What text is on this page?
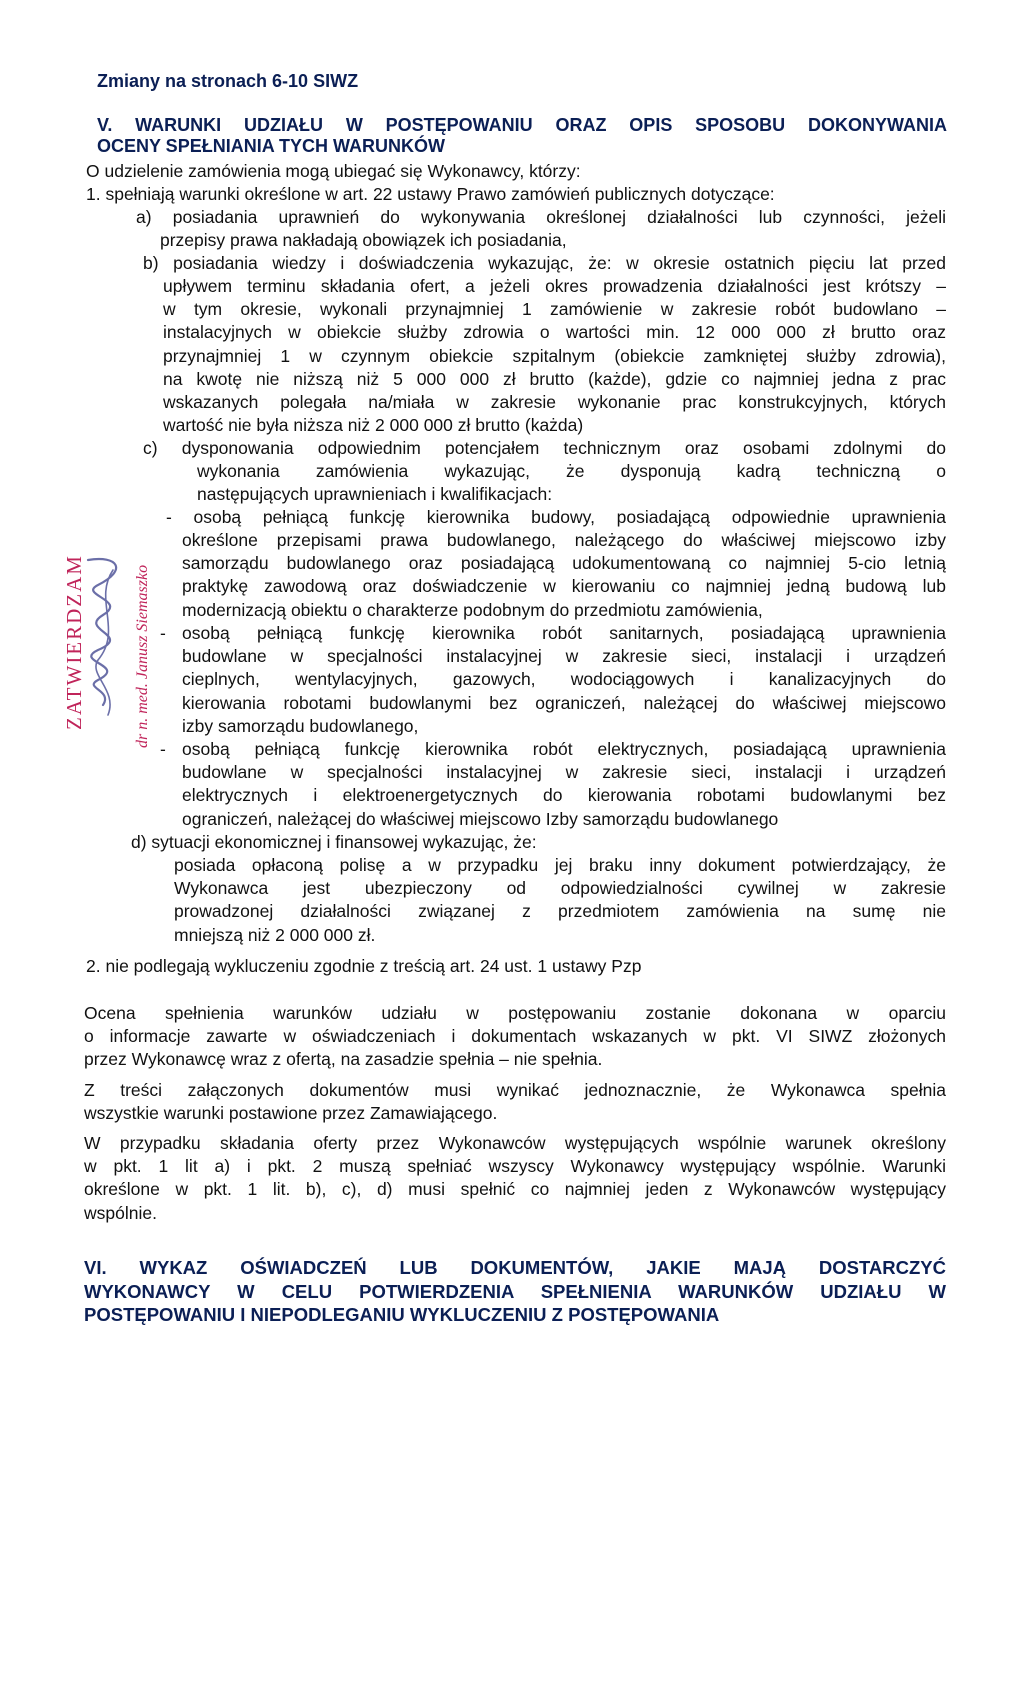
Zmiany na stronach 6-10 SIWZ
V. WARUNKI UDZIAŁU W POSTĘPOWANIU ORAZ OPIS SPOSOBU DOKONYWANIA
OCENY SPEŁNIANIA TYCH WARUNKÓW
O udzielenie zamówienia mogą ubiegać się Wykonawcy, którzy:
1. spełniają warunki określone w art. 22 ustawy Prawo zamówień publicznych dotyczące:
a) posiadania uprawnień do wykonywania określonej działalności lub czynności, jeżeli
przepisy prawa nakładają obowiązek ich posiadania,
b) posiadania wiedzy i doświadczenia wykazując, że: w okresie ostatnich pięciu lat przed
upływem terminu składania ofert, a jeżeli okres prowadzenia działalności jest krótszy –
w tym okresie, wykonali przynajmniej 1 zamówienie w zakresie robót budowlano –
instalacyjnych w obiekcie służby zdrowia o wartości min. 12 000 000 zł brutto oraz
przynajmniej 1 w czynnym obiekcie szpitalnym (obiekcie zamkniętej służby zdrowia),
na kwotę nie niższą niż 5 000 000 zł brutto (każde), gdzie co najmniej jedna z prac
wskazanych polegała na/miała w zakresie wykonanie prac konstrukcyjnych, których
wartość nie była niższa niż 2 000 000 zł brutto (każda)
c) dysponowania odpowiednim potencjałem technicznym oraz osobami zdolnymi do
wykonania zamówienia wykazując, że dysponują kadrą techniczną o
następujących uprawnieniach i kwalifikacjach:
- osobą pełniącą funkcję kierownika budowy, posiadającą odpowiednie uprawnienia
określone przepisami prawa budowlanego, należącego do właściwej miejscowo izby
samorządu budowlanego oraz posiadającą udokumentowaną co najmniej 5-cio letnią
praktykę zawodową oraz doświadczenie w kierowaniu co najmniej jedną budową lub
modernizacją obiektu o charakterze podobnym do przedmiotu zamówienia,
- osobą pełniącą funkcję kierownika robót sanitarnych, posiadającą uprawnienia
budowlane w specjalności instalacyjnej w zakresie sieci, instalacji i urządzeń
cieplnych, wentylacyjnych, gazowych, wodociągowych i kanalizacyjnych do
kierowania robotami budowlanymi bez ograniczeń, należącej do właściwej miejscowo
izby samorządu budowlanego,
- osobą pełniącą funkcję kierownika robót elektrycznych, posiadającą uprawnienia
budowlane w specjalności instalacyjnej w zakresie sieci, instalacji i urządzeń
elektrycznych i elektroenergetycznych do kierowania robotami budowlanymi bez
ograniczeń, należącej do właściwej miejscowo Izby samorządu budowlanego
d) sytuacji ekonomicznej i finansowej wykazując, że:
posiada opłaconą polisę a w przypadku jej braku inny dokument potwierdzający, że
Wykonawca jest ubezpieczony od odpowiedzialności cywilnej w zakresie
prowadzonej działalności związanej z przedmiotem zamówienia na sumę nie
mniejszą niż 2 000 000 zł.
2. nie podlegają wykluczeniu zgodnie z treścią art. 24 ust. 1 ustawy Pzp
Ocena spełnienia warunków udziału w postępowaniu zostanie dokonana w oparciu
o informacje zawarte w oświadczeniach i dokumentach wskazanych w pkt. VI SIWZ złożonych
przez Wykonawcę wraz z ofertą, na zasadzie spełnia – nie spełnia.
Z treści załączonych dokumentów musi wynikać jednoznacznie, że Wykonawca spełnia
wszystkie warunki postawione przez Zamawiającego.
W przypadku składania oferty przez Wykonawców występujących wspólnie warunek określony
w pkt. 1 lit a) i pkt. 2 muszą spełniać wszyscy Wykonawcy występujący wspólnie. Warunki
określone w pkt. 1 lit. b), c), d) musi spełnić co najmniej jeden z Wykonawców występujący
wspólnie.
VI. WYKAZ OŚWIADCZEŃ LUB DOKUMENTÓW, JAKIE MAJĄ DOSTARCZYĆ
WYKONAWCY W CELU POTWIERDZENIA SPEŁNIENIA WARUNKÓW UDZIAŁU W
POSTĘPOWANIU I NIEPODLEGANIU WYKLUCZENIU Z POSTĘPOWANIA
ZATWIERDZAM	dr n. med. Janusz Siemaszko
